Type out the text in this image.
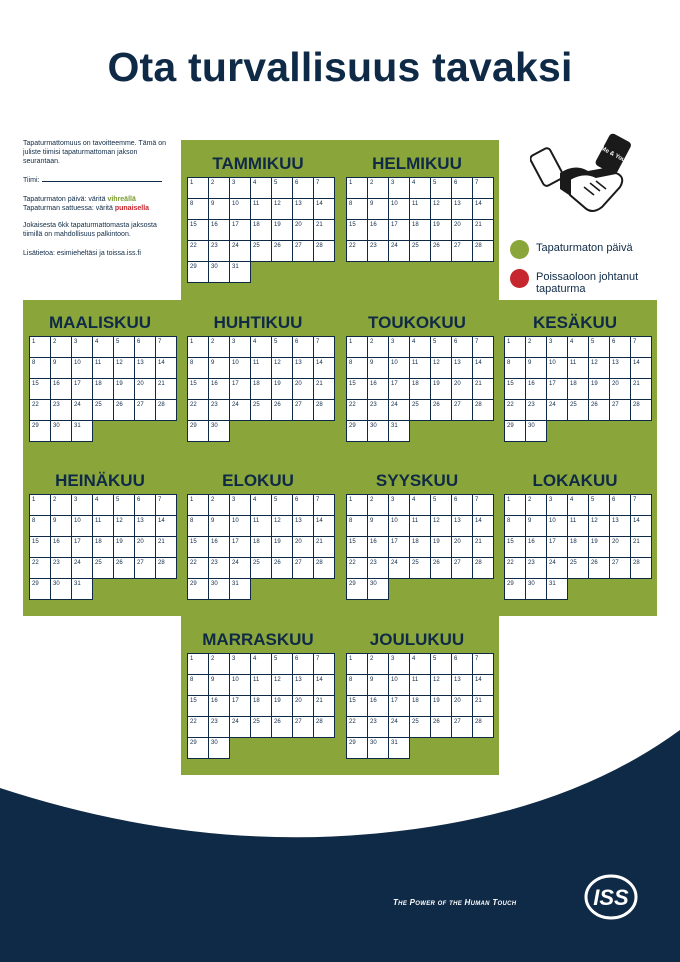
Ota turvallisuus tavaksi

Tapaturmattomuus on tavoitteemme. Tämä on juliste tiimisi tapaturmattoman jakson seurantaan.

Tiimi:

Tapaturmaton päivä: väritä vihreällä
Tapaturman sattuessa: väritä punaisella

Jokaisesta 6kk tapaturmattomasta jaksosta tiimillä on mahdollisuus palkintoon.

Lisätietoa: esimieheltäsi ja toissa.iss.fi

Me & You
Tapaturmaton päivä
Poissaoloon johtanut tapaturma
TAMMIKUU
1	2	3	4	5	6	7
8	9	10	11	12	13	14
15	16	17	18	19	20	21
22	23	24	25	26	27	28
29	30	31
HELMIKUU
1	2	3	4	5	6	7
8	9	10	11	12	13	14
15	16	17	18	19	20	21
22	23	24	25	26	27	28
MAALISKUU
1	2	3	4	5	6	7
8	9	10	11	12	13	14
15	16	17	18	19	20	21
22	23	24	25	26	27	28
29	30	31
HUHTIKUU
1	2	3	4	5	6	7
8	9	10	11	12	13	14
15	16	17	18	19	20	21
22	23	24	25	26	27	28
29	30
TOUKOKUU
1	2	3	4	5	6	7
8	9	10	11	12	13	14
15	16	17	18	19	20	21
22	23	24	25	26	27	28
29	30	31
KESÄKUU
1	2	3	4	5	6	7
8	9	10	11	12	13	14
15	16	17	18	19	20	21
22	23	24	25	26	27	28
29	30
HEINÄKUU
1	2	3	4	5	6	7
8	9	10	11	12	13	14
15	16	17	18	19	20	21
22	23	24	25	26	27	28
29	30	31
ELOKUU
1	2	3	4	5	6	7
8	9	10	11	12	13	14
15	16	17	18	19	20	21
22	23	24	25	26	27	28
29	30	31
SYYSKUU
1	2	3	4	5	6	7
8	9	10	11	12	13	14
15	16	17	18	19	20	21
22	23	24	25	26	27	28
29	30
LOKAKUU
1	2	3	4	5	6	7
8	9	10	11	12	13	14
15	16	17	18	19	20	21
22	23	24	25	26	27	28
29	30	31
MARRASKUU
1	2	3	4	5	6	7
8	9	10	11	12	13	14
15	16	17	18	19	20	21
22	23	24	25	26	27	28
29	30
JOULUKUU
1	2	3	4	5	6	7
8	9	10	11	12	13	14
15	16	17	18	19	20	21
22	23	24	25	26	27	28
29	30	31
The Power of the Human Touch	ISS
